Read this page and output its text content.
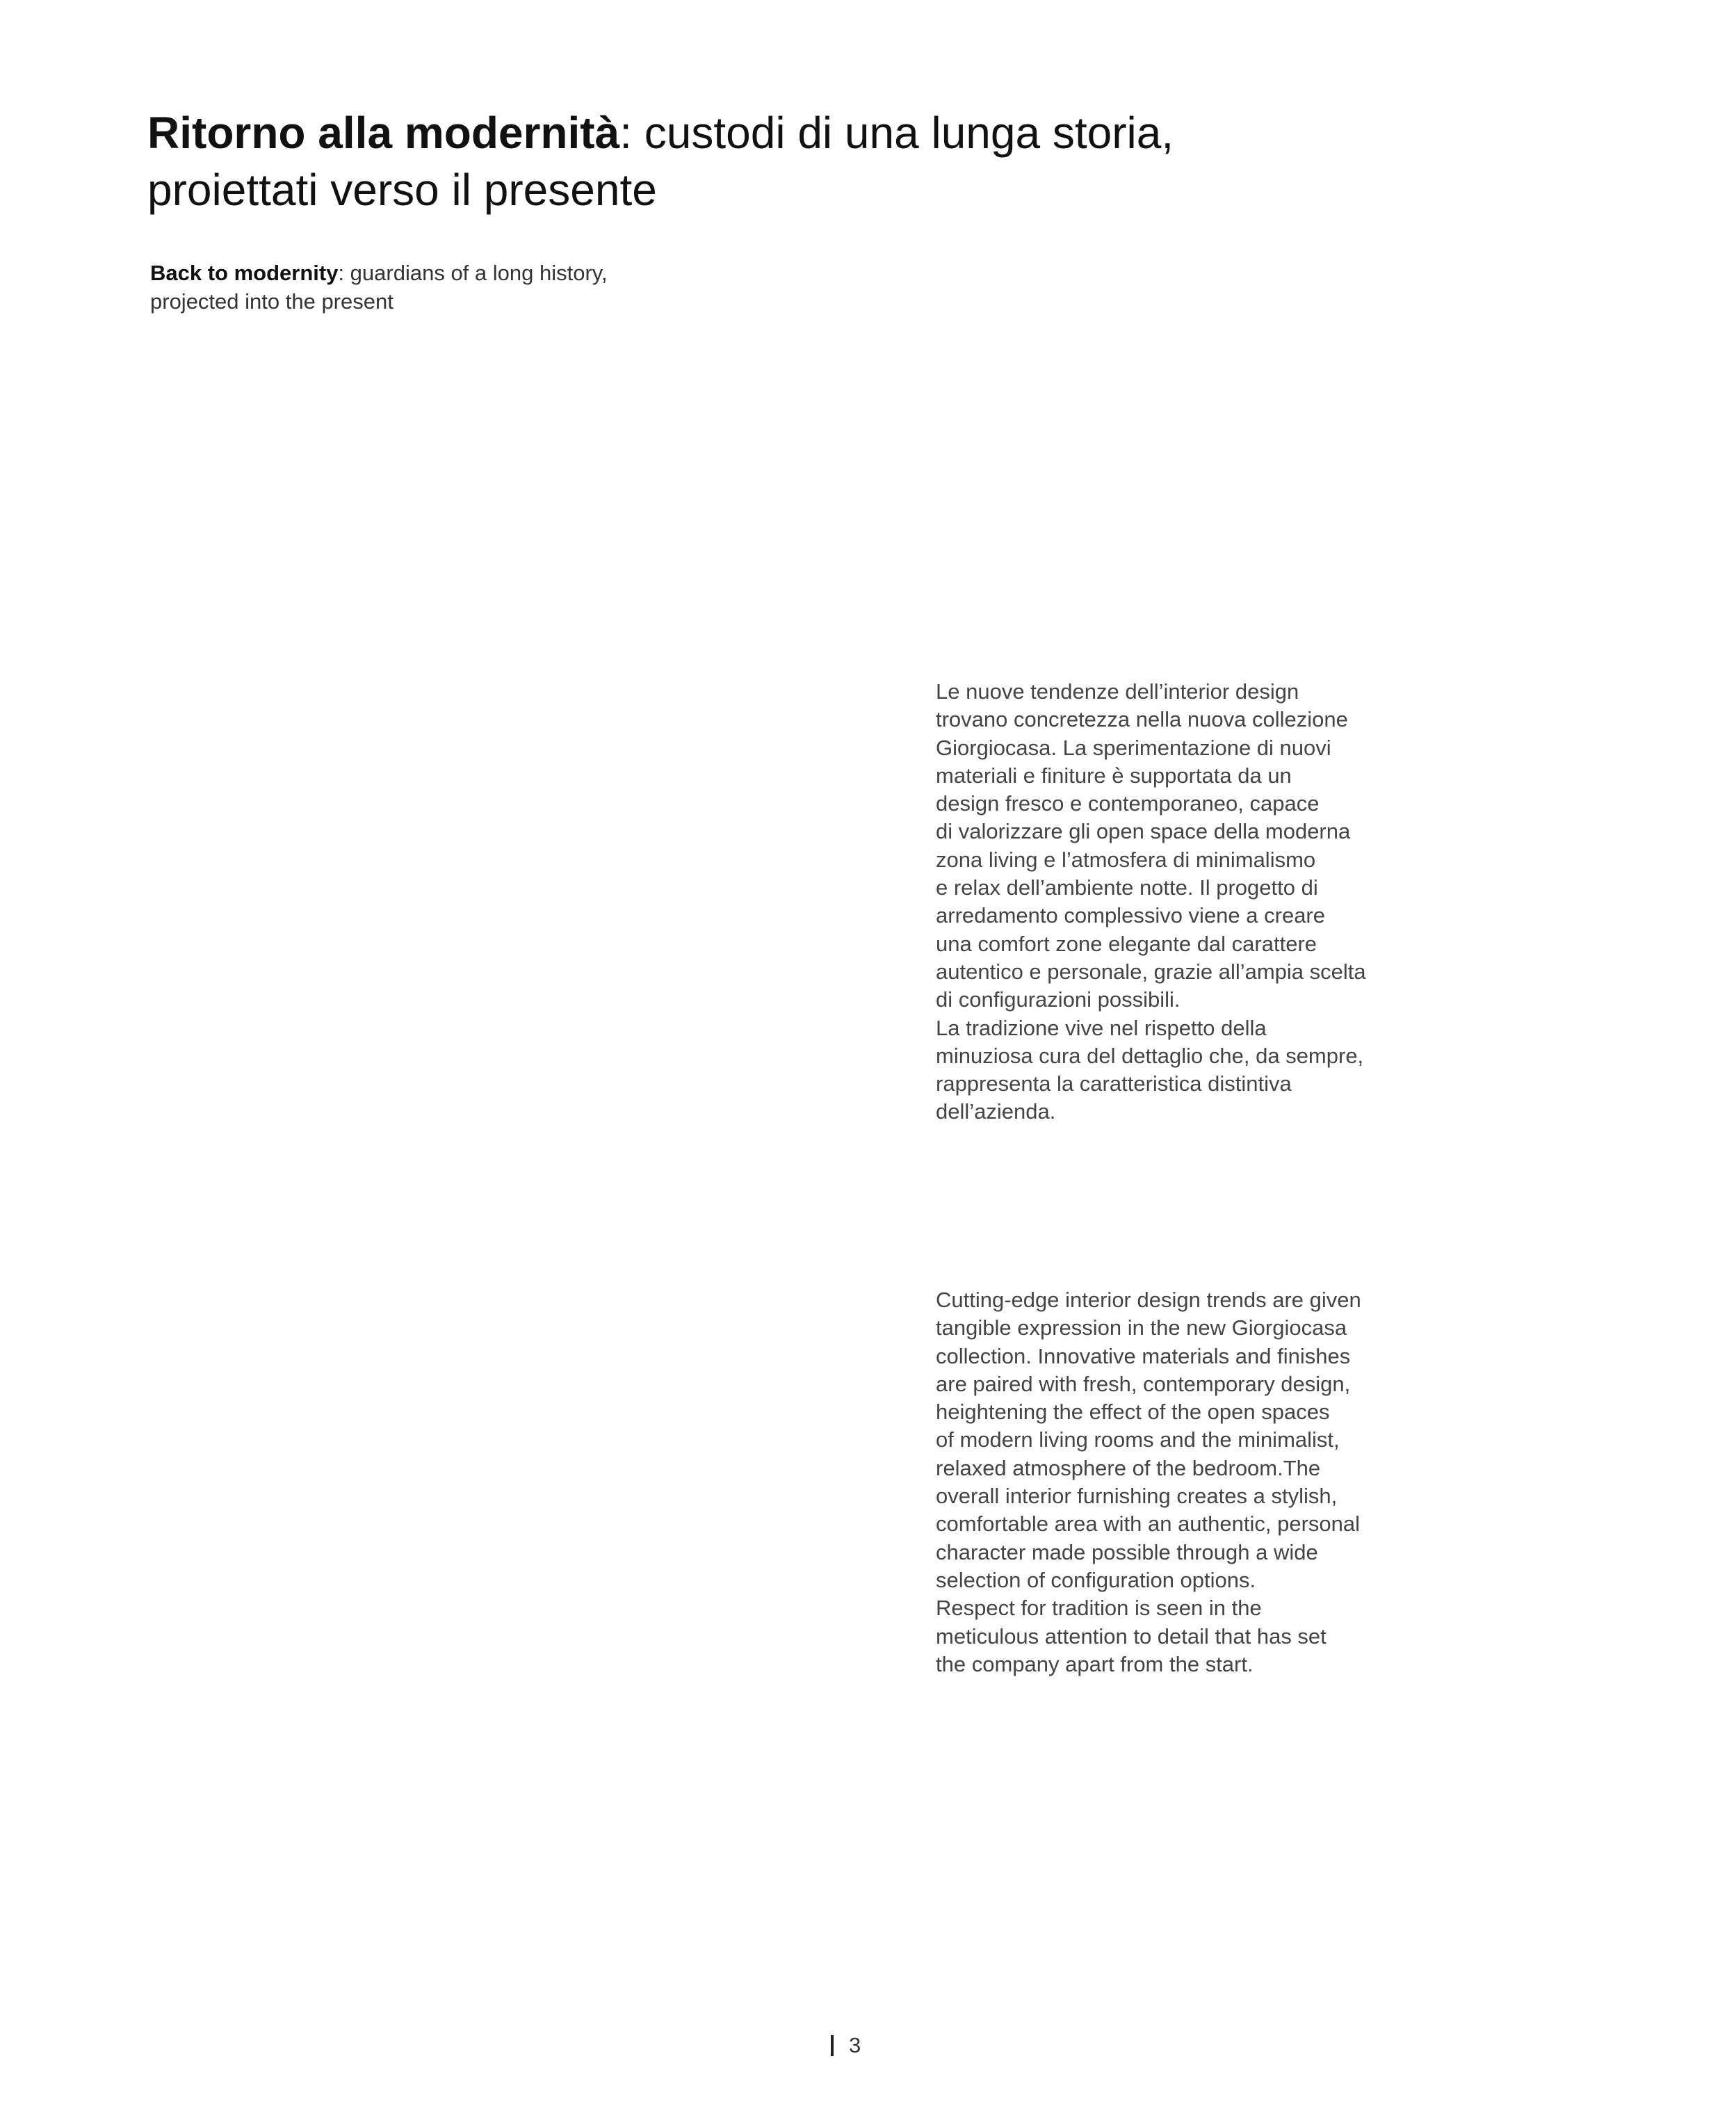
Ritorno alla modernità: custodi di una lunga storia,
proiettati verso il presente

Back to modernity: guardians of a long history,
projected into the present

Le nuove tendenze dell’interior design
trovano concretezza nella nuova collezione
Giorgiocasa. La sperimentazione di nuovi
materiali e finiture è supportata da un
design fresco e contemporaneo, capace
di valorizzare gli open space della moderna
zona living e l’atmosfera di minimalismo
e relax dell’ambiente notte. Il progetto di
arredamento complessivo viene a creare
una comfort zone elegante dal carattere
autentico e personale, grazie all’ampia scelta
di configurazioni possibili.
La tradizione vive nel rispetto della
minuziosa cura del dettaglio che, da sempre,
rappresenta la caratteristica distintiva
dell’azienda.

Cutting-edge interior design trends are given
tangible expression in the new Giorgiocasa
collection. Innovative materials and finishes
are paired with fresh, contemporary design,
heightening the effect of the open spaces
of modern living rooms and the minimalist,
relaxed atmosphere of the bedroom.The
overall interior furnishing creates a stylish,
comfortable area with an authentic, personal
character made possible through a wide
selection of configuration options.
Respect for tradition is seen in the
meticulous attention to detail that has set
the company apart from the start.

3
